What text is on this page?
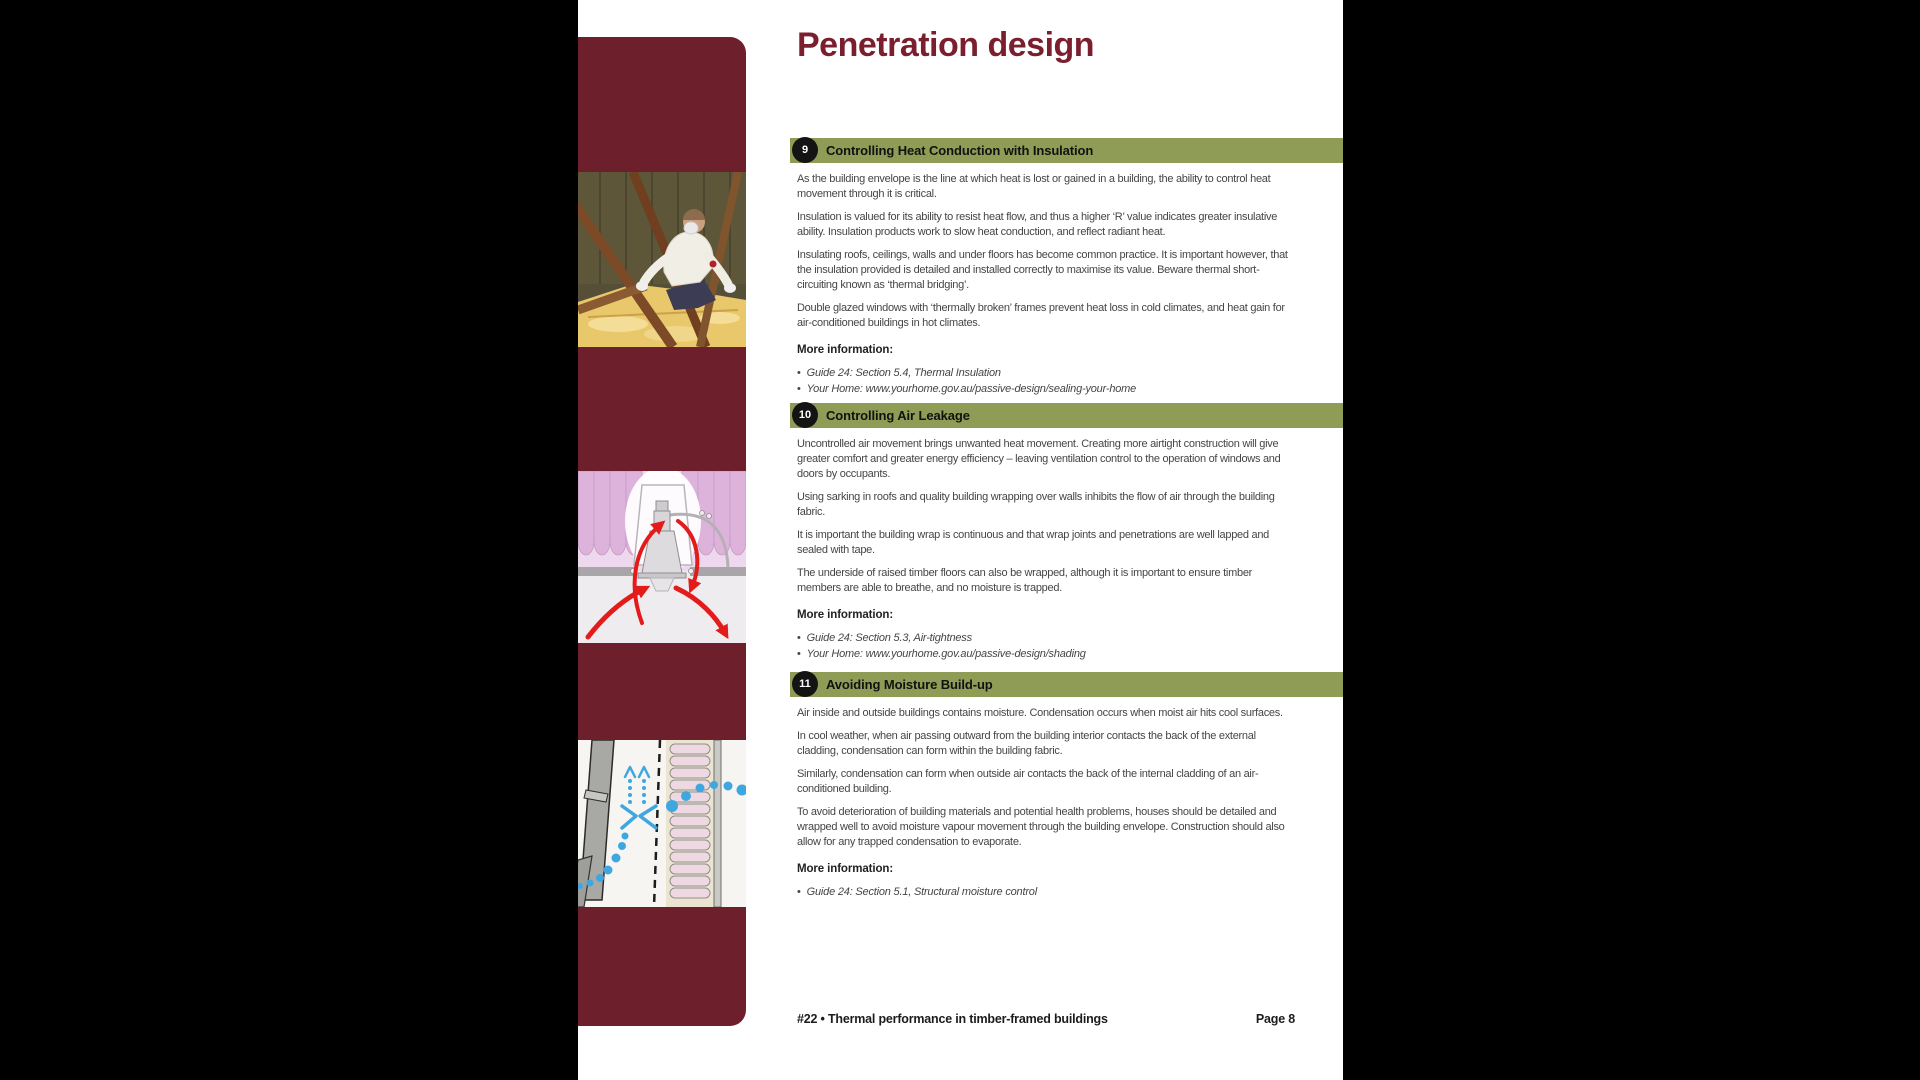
Penetration design
9	Controlling Heat Conduction with Insulation

As the building envelope is the line at which heat is lost or gained in a building, the ability to control heat movement through it is critical.

Insulation is valued for its ability to resist heat flow, and thus a higher ‘R’ value indicates greater insulative ability. Insulation products work to slow heat conduction, and reflect radiant heat.

Insulating roofs, ceilings, walls and under floors has become common practice. It is important however, that the insulation provided is detailed and installed correctly to maximise its value. Beware thermal short-circuiting known as ‘thermal bridging’.

Double glazed windows with ‘thermally broken’ frames prevent heat loss in cold climates, and heat gain for air-conditioned buildings in hot climates.

More information:

• Guide 24: Section 5.4, Thermal Insulation
• Your Home: www.yourhome.gov.au/passive-design/sealing-your-home
10	Controlling Air Leakage

Uncontrolled air movement brings unwanted heat movement. Creating more airtight construction will give greater comfort and greater energy efficiency – leaving ventilation control to the operation of windows and doors by occupants.

Using sarking in roofs and quality building wrapping over walls inhibits the flow of air through the building fabric.

It is important the building wrap is continuous and that wrap joints and penetrations are well lapped and sealed with tape.

The underside of raised timber floors can also be wrapped, although it is important to ensure timber members are able to breathe, and no moisture is trapped.

More information:

• Guide 24: Section 5.3, Air-tightness
• Your Home: www.yourhome.gov.au/passive-design/shading
11	Avoiding Moisture Build-up

Air inside and outside buildings contains moisture. Condensation occurs when moist air hits cool surfaces.

In cool weather, when air passing outward from the building interior contacts the back of the external cladding, condensation can form within the building fabric.

Similarly, condensation can form when outside air contacts the back of the internal cladding of an air-conditioned building.

To avoid deterioration of building materials and potential health problems, houses should be detailed and wrapped well to avoid moisture vapour movement through the building envelope. Construction should also allow for any trapped condensation to evaporate.

More information:

• Guide 24: Section 5.1, Structural moisture control
#22 • Thermal performance in timber-framed buildings	Page 8
